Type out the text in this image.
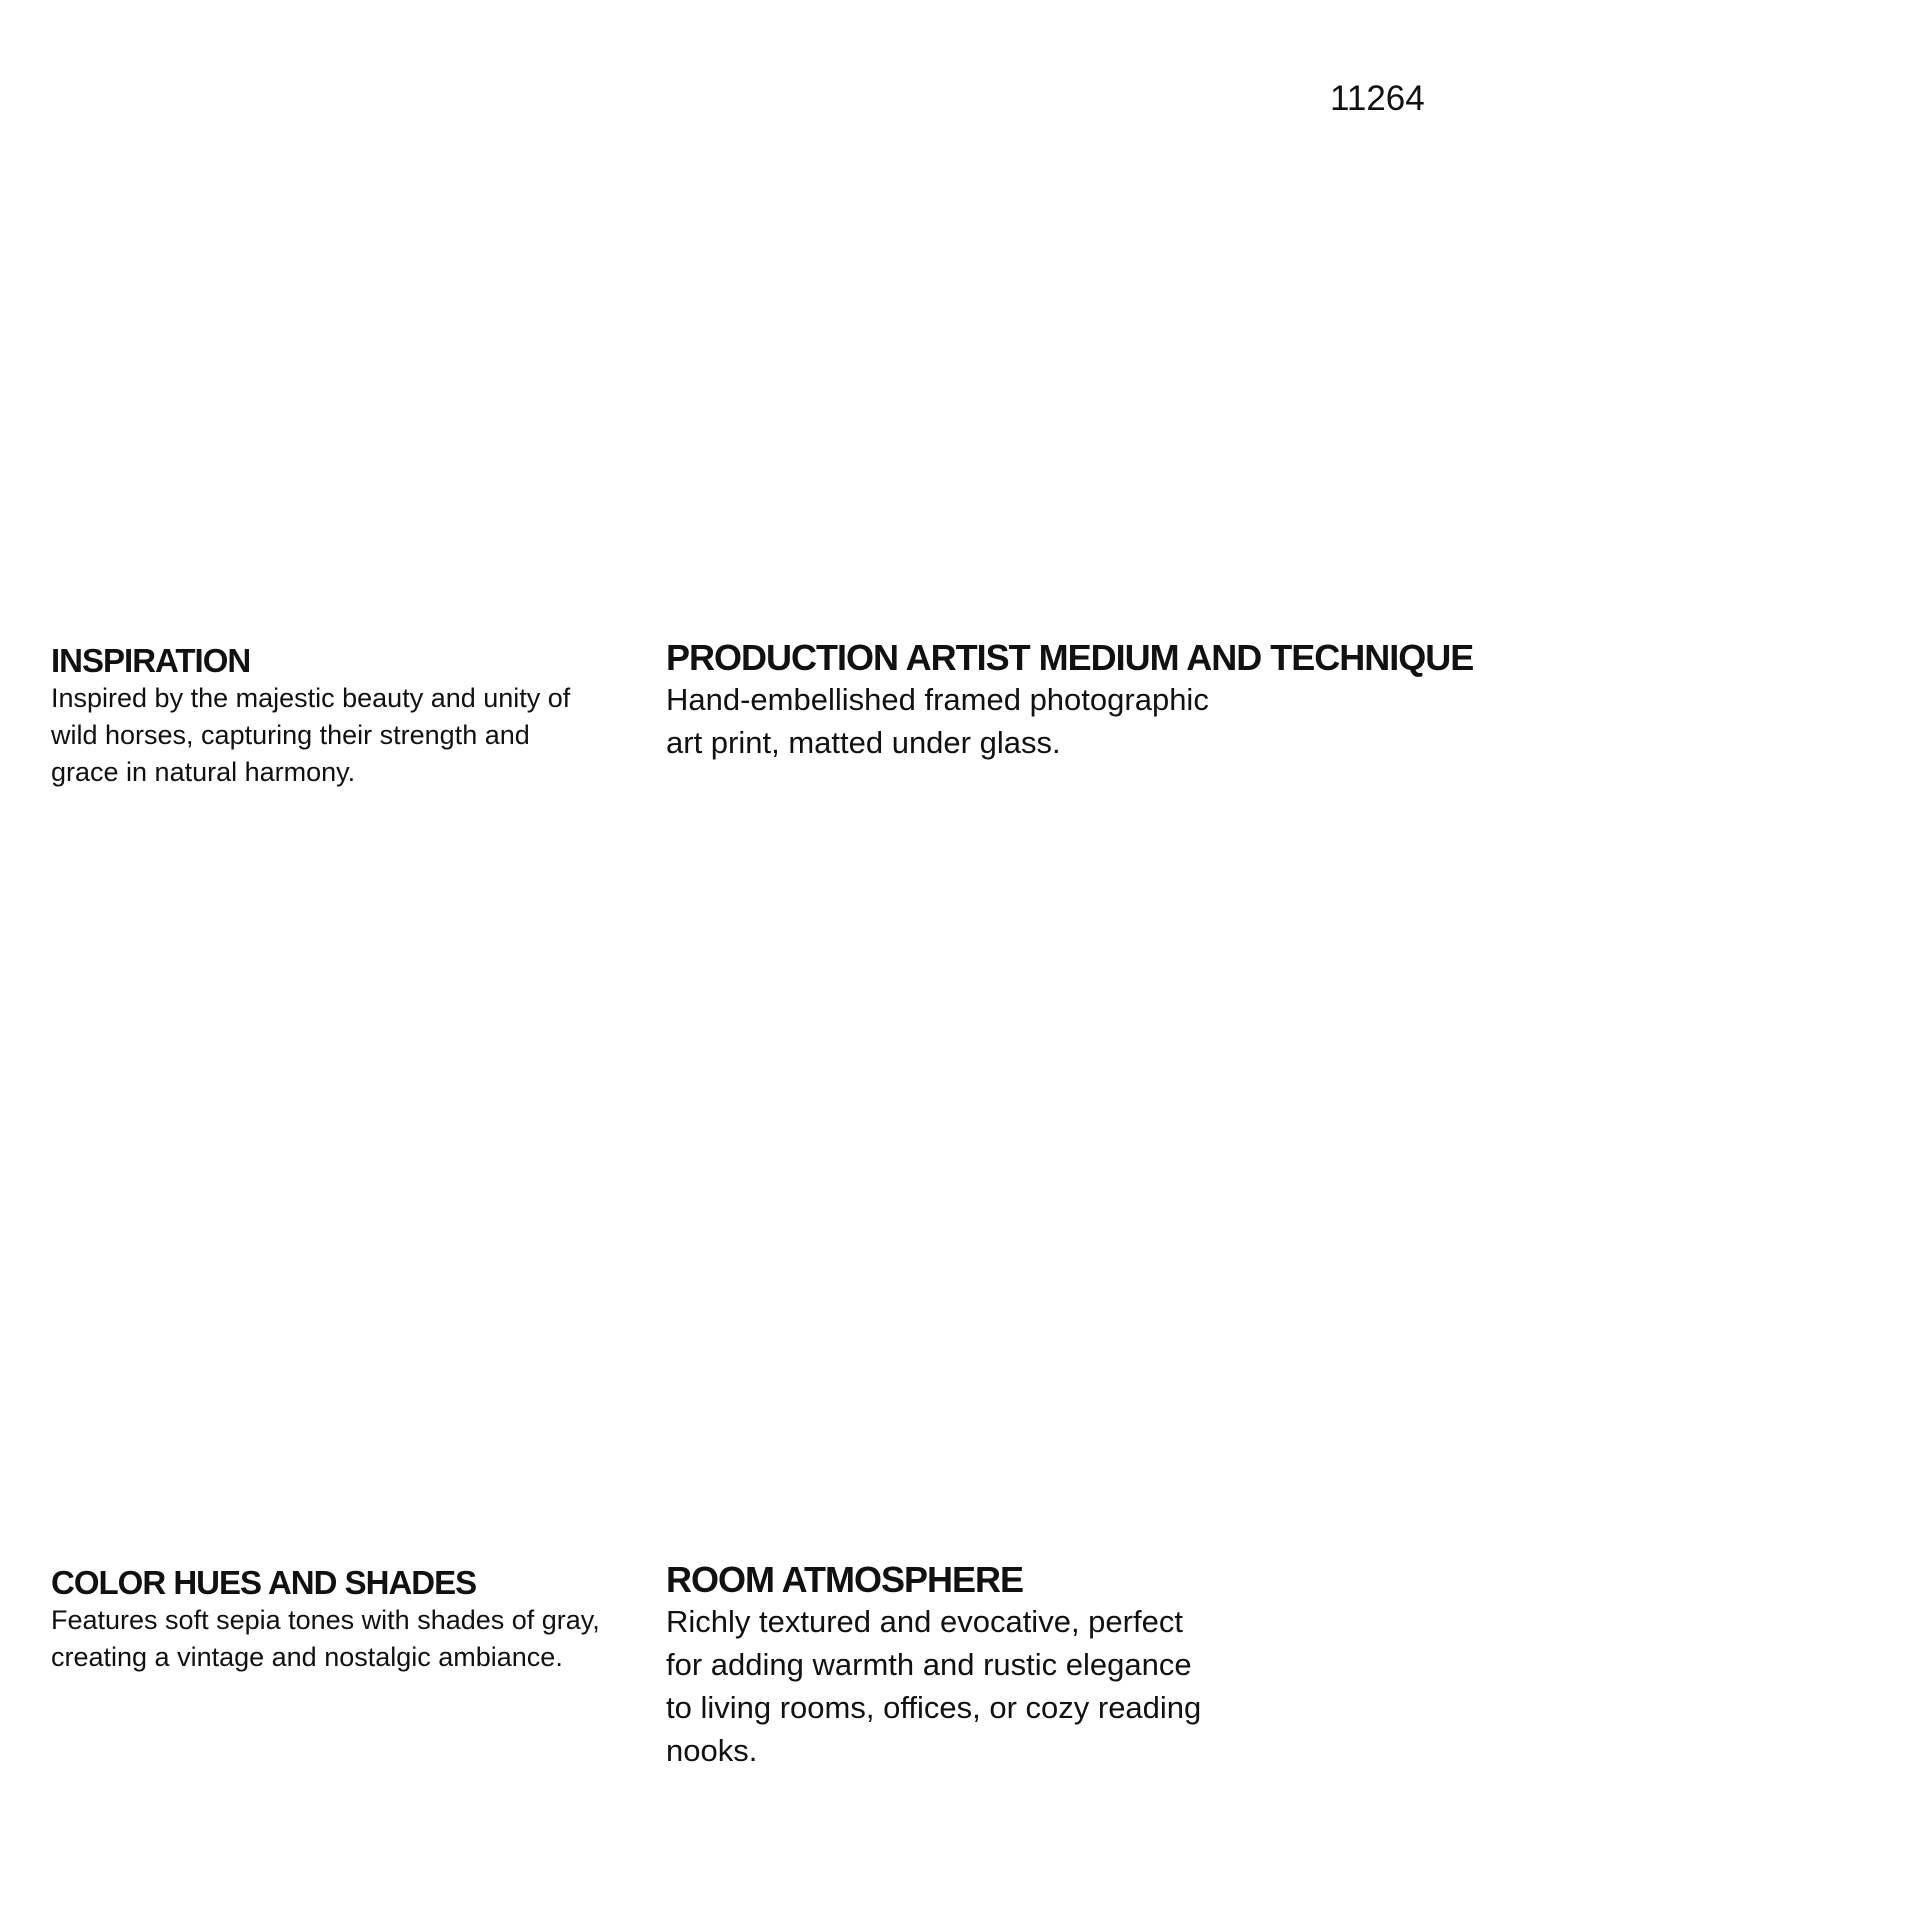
11264
INSPIRATION

Inspired by the majestic beauty and unity of
wild horses, capturing their strength and
grace in natural harmony.

PRODUCTION ARTIST MEDIUM AND TECHNIQUE

Hand-embellished framed photographic
art print, matted under glass.

COLOR HUES AND SHADES

Features soft sepia tones with shades of gray,
creating a vintage and nostalgic ambiance.

ROOM ATMOSPHERE

Richly textured and evocative, perfect
for adding warmth and rustic elegance
to living rooms, offices, or cozy reading
nooks.
